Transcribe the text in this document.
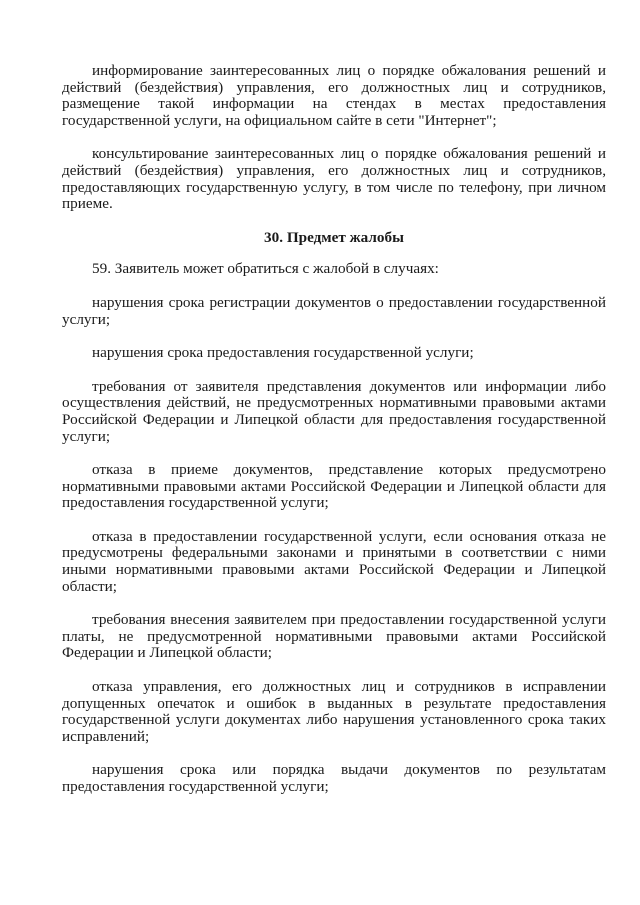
информирование заинтересованных лиц о порядке обжалования решений и действий (бездействия) управления, его должностных лиц и сотрудников, размещение такой информации на стендах в местах предоставления государственной услуги, на официальном сайте в сети "Интернет";

консультирование заинтересованных лиц о порядке обжалования решений и действий (бездействия) управления, его должностных лиц и сотрудников, предоставляющих государственную услугу, в том числе по телефону, при личном приеме.

30. Предмет жалобы

59. Заявитель может обратиться с жалобой в случаях:

нарушения срока регистрации документов о предоставлении государственной услуги;

нарушения срока предоставления государственной услуги;

требования от заявителя представления документов или информации либо осуществления действий, не предусмотренных нормативными правовыми актами Российской Федерации и Липецкой области для предоставления государственной услуги;

отказа в приеме документов, представление которых предусмотрено нормативными правовыми актами Российской Федерации и Липецкой области для предоставления государственной услуги;

отказа в предоставлении государственной услуги, если основания отказа не предусмотрены федеральными законами и принятыми в соответствии с ними иными нормативными правовыми актами Российской Федерации и Липецкой области;

требования внесения заявителем при предоставлении государственной услуги платы, не предусмотренной нормативными правовыми актами Российской Федерации и Липецкой области;

отказа управления, его должностных лиц и сотрудников в исправлении допущенных опечаток и ошибок в выданных в результате предоставления государственной услуги документах либо нарушения установленного срока таких исправлений;

нарушения срока или порядка выдачи документов по результатам предоставления государственной услуги;
